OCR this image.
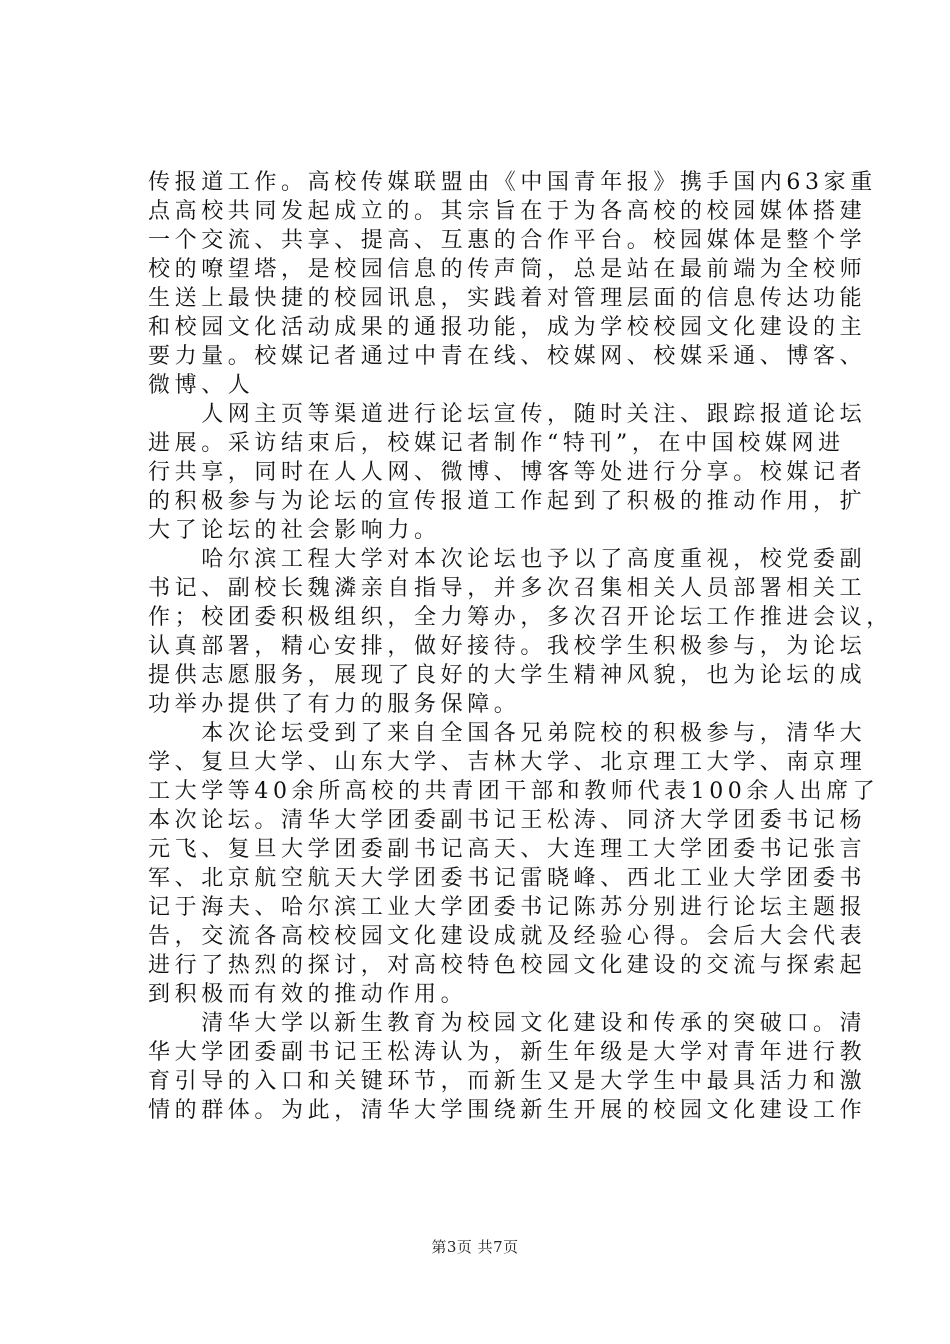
传报道工作。高校传媒联盟由《中国青年报》携手国内63家重
点高校共同发起成立的。其宗旨在于为各高校的校园媒体搭建
一个交流、共享、提高、互惠的合作平台。校园媒体是整个学
校的嘹望塔，是校园信息的传声筒，总是站在最前端为全校师
生送上最快捷的校园讯息，实践着对管理层面的信息传达功能
和校园文化活动成果的通报功能，成为学校校园文化建设的主
要力量。校媒记者通过中青在线、校媒网、校媒采通、博客、
微博、人
　　人网主页等渠道进行论坛宣传，随时关注、跟踪报道论坛
进展。采访结束后，校媒记者制作“特刊”，在中国校媒网进
行共享，同时在人人网、微博、博客等处进行分享。校媒记者
的积极参与为论坛的宣传报道工作起到了积极的推动作用，扩
大了论坛的社会影响力。
　　哈尔滨工程大学对本次论坛也予以了高度重视，校党委副
书记、副校长魏潾亲自指导，并多次召集相关人员部署相关工
作；校团委积极组织，全力筹办，多次召开论坛工作推进会议，
认真部署，精心安排，做好接待。我校学生积极参与，为论坛
提供志愿服务，展现了良好的大学生精神风貌，也为论坛的成
功举办提供了有力的服务保障。
　　本次论坛受到了来自全国各兄弟院校的积极参与，清华大
学、复旦大学、山东大学、吉林大学、北京理工大学、南京理
工大学等40余所高校的共青团干部和教师代表100余人出席了
本次论坛。清华大学团委副书记王松涛、同济大学团委书记杨
元飞、复旦大学团委副书记高天、大连理工大学团委书记张言
军、北京航空航天大学团委书记雷晓峰、西北工业大学团委书
记于海夫、哈尔滨工业大学团委书记陈苏分别进行论坛主题报
告，交流各高校校园文化建设成就及经验心得。会后大会代表
进行了热烈的探讨，对高校特色校园文化建设的交流与探索起
到积极而有效的推动作用。
　　清华大学以新生教育为校园文化建设和传承的突破口。清
华大学团委副书记王松涛认为，新生年级是大学对青年进行教
育引导的入口和关键环节，而新生又是大学生中最具活力和激
情的群体。为此，清华大学围绕新生开展的校园文化建设工作
第3页 共7页
